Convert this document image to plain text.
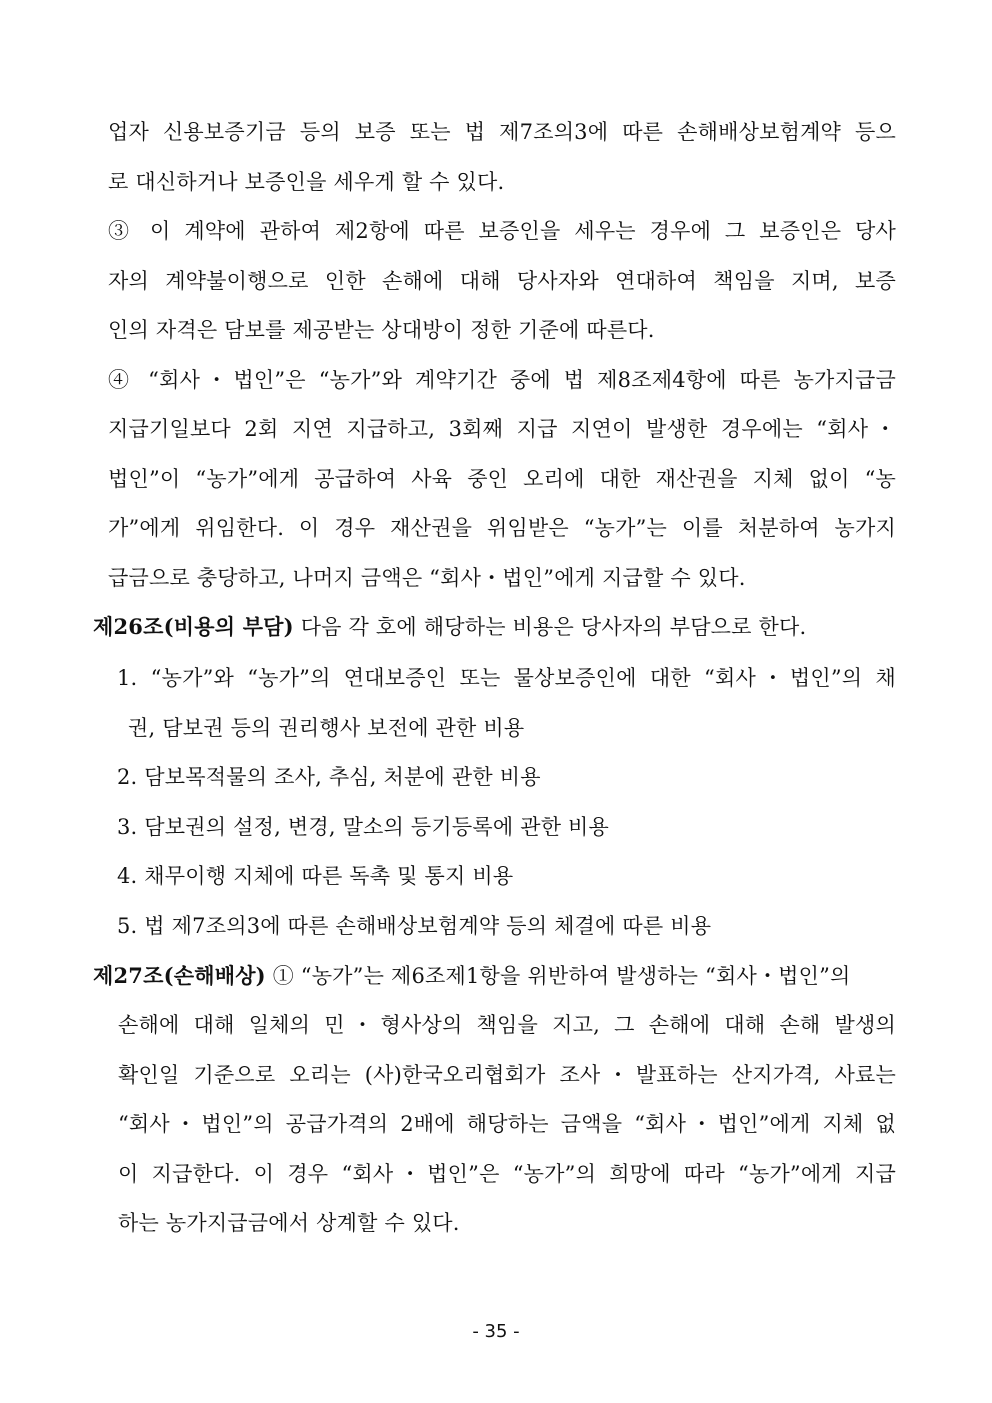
업자 신용보증기금 등의 보증 또는 법 제7조의3에 따른 손해배상보험계약 등으
로 대신하거나 보증인을 세우게 할 수 있다.
③ 이 계약에 관하여 제2항에 따른 보증인을 세우는 경우에 그 보증인은 당사
자의 계약불이행으로 인한 손해에 대해 당사자와 연대하여 책임을 지며, 보증
인의 자격은 담보를 제공받는 상대방이 정한 기준에 따른다.
④ “회사・법인”은 “농가”와 계약기간 중에 법 제8조제4항에 따른 농가지급금
지급기일보다 2회 지연 지급하고, 3회째 지급 지연이 발생한 경우에는 “회사・
법인”이 “농가”에게 공급하여 사육 중인 오리에 대한 재산권을 지체 없이 “농
가”에게 위임한다. 이 경우 재산권을 위임받은 “농가”는 이를 처분하여 농가지
급금으로 충당하고, 나머지 금액은 “회사・법인”에게 지급할 수 있다.
제26조(비용의 부담) 다음 각 호에 해당하는 비용은 당사자의 부담으로 한다.
1. “농가”와 “농가”의 연대보증인 또는 물상보증인에 대한 “회사・법인”의 채
권, 담보권 등의 권리행사 보전에 관한 비용
2. 담보목적물의 조사, 추심, 처분에 관한 비용
3. 담보권의 설정, 변경, 말소의 등기등록에 관한 비용
4. 채무이행 지체에 따른 독촉 및 통지 비용
5. 법 제7조의3에 따른 손해배상보험계약 등의 체결에 따른 비용
제27조(손해배상) ① “농가”는 제6조제1항을 위반하여 발생하는 “회사・법인”의
손해에 대해 일체의 민・형사상의 책임을 지고, 그 손해에 대해 손해 발생의
확인일 기준으로 오리는 (사)한국오리협회가 조사・발표하는 산지가격, 사료는
“회사・법인”의 공급가격의 2배에 해당하는 금액을 “회사・법인”에게 지체 없
이 지급한다. 이 경우 “회사・법인”은 “농가”의 희망에 따라 “농가”에게 지급
하는 농가지급금에서 상계할 수 있다.
- 35 -
